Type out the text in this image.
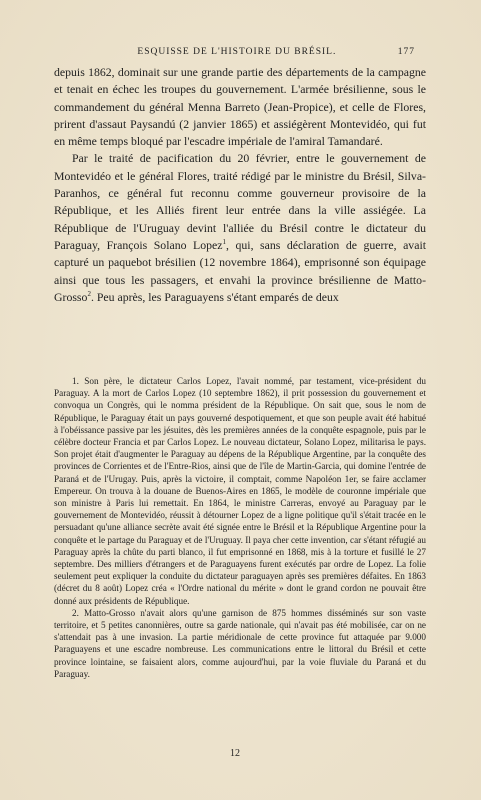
ESQUISSE DE L'HISTOIRE DU BRÉSIL.	177

depuis 1862, dominait sur une grande partie des départements de la campagne et tenait en échec les troupes du gouvernement. L'armée brésilienne, sous le commandement du général Menna Barreto (Jean-Propice), et celle de Flores, prirent d'assaut Paysandú (2 janvier 1865) et assiégèrent Montevidéo, qui fut en même temps bloqué par l'escadre impériale de l'amiral Tamandaré.

Par le traité de pacification du 20 février, entre le gouvernement de Montevidéo et le général Flores, traité rédigé par le ministre du Brésil, Silva-Paranhos, ce général fut reconnu comme gouverneur provisoire de la République, et les Alliés firent leur entrée dans la ville assiégée. La République de l'Uruguay devint l'alliée du Brésil contre le dictateur du Paraguay, François Solano Lopez$^1$, qui, sans déclaration de guerre, avait capturé un paquebot brésilien (12 novembre 1864), emprisonné son équipage ainsi que tous les passagers, et envahi la province brésilienne de Matto-Grosso$^2$. Peu après, les Paraguayens s'étant emparés de deux

1. Son père, le dictateur Carlos Lopez, l'avait nommé, par testament, vice-président du Paraguay. A la mort de Carlos Lopez (10 septembre 1862), il prit possession du gouvernement et convoqua un Congrès, qui le nomma président de la République. On sait que, sous le nom de République, le Paraguay était un pays gouverné despotiquement, et que son peuple avait été habitué à l'obéissance passive par les jésuites, dès les premières années de la conquête espagnole, puis par le célèbre docteur Francia et par Carlos Lopez. Le nouveau dictateur, Solano Lopez, militarisa le pays. Son projet était d'augmenter le Paraguay au dépens de la République Argentine, par la conquête des provinces de Corrientes et de l'Entre-Rios, ainsi que de l'île de Martin-Garcia, qui domine l'entrée de Paraná et de l'Urugay. Puis, après la victoire, il comptait, comme Napoléon 1er, se faire acclamer Empereur. On trouva à la douane de Buenos-Aires en 1865, le modèle de couronne impériale que son ministre à Paris lui remettait. En 1864, le ministre Carreras, envoyé au Paraguay par le gouvernement de Montevidéo, réussit à détourner Lopez de a ligne politique qu'il s'était tracée en le persuadant qu'une alliance secrète avait été signée entre le Brésil et la République Argentine pour la conquête et le partage du Paraguay et de l'Uruguay. Il paya cher cette invention, car s'étant réfugié au Paraguay après la chûte du parti blanco, il fut emprisonné en 1868, mis à la torture et fusillé le 27 septembre. Des milliers d'étrangers et de Paraguayens furent exécutés par ordre de Lopez. La folie seulement peut expliquer la conduite du dictateur paraguayen après ses premières défaites. En 1863 (décret du 8 août) Lopez créa « l'Ordre national du mérite » dont le grand cordon ne pouvait être donné aux présidents de République.

2. Matto-Grosso n'avait alors qu'une garnison de 875 hommes disséminés sur son vaste territoire, et 5 petites canonnières, outre sa garde nationale, qui n'avait pas été mobilisée, car on ne s'attendait pas à une invasion. La partie méridionale de cette province fut attaquée par 9.000 Paraguayens et une escadre nombreuse. Les communications entre le littoral du Brésil et cette province lointaine, se faisaient alors, comme aujourd'hui, par la voie fluviale du Paraná et du Paraguay.

12
